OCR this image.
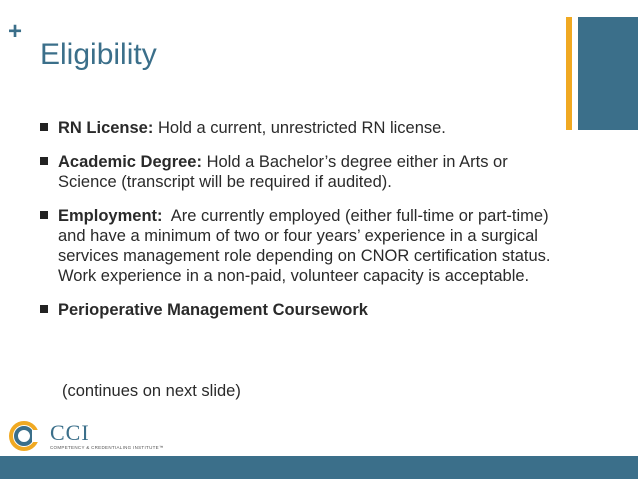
+
Eligibility
RN License: Hold a current, unrestricted RN license.
Academic Degree: Hold a Bachelor’s degree either in Arts or Science (transcript will be required if audited).
Employment:  Are currently employed (either full-time or part-time) and have a minimum of two or four years’ experience in a surgical services management role depending on CNOR certification status. Work experience in a non-paid, volunteer capacity is acceptable.
Perioperative Management Coursework
(continues on next slide)
CCI
COMPETENCY & CREDENTIALING INSTITUTE™
